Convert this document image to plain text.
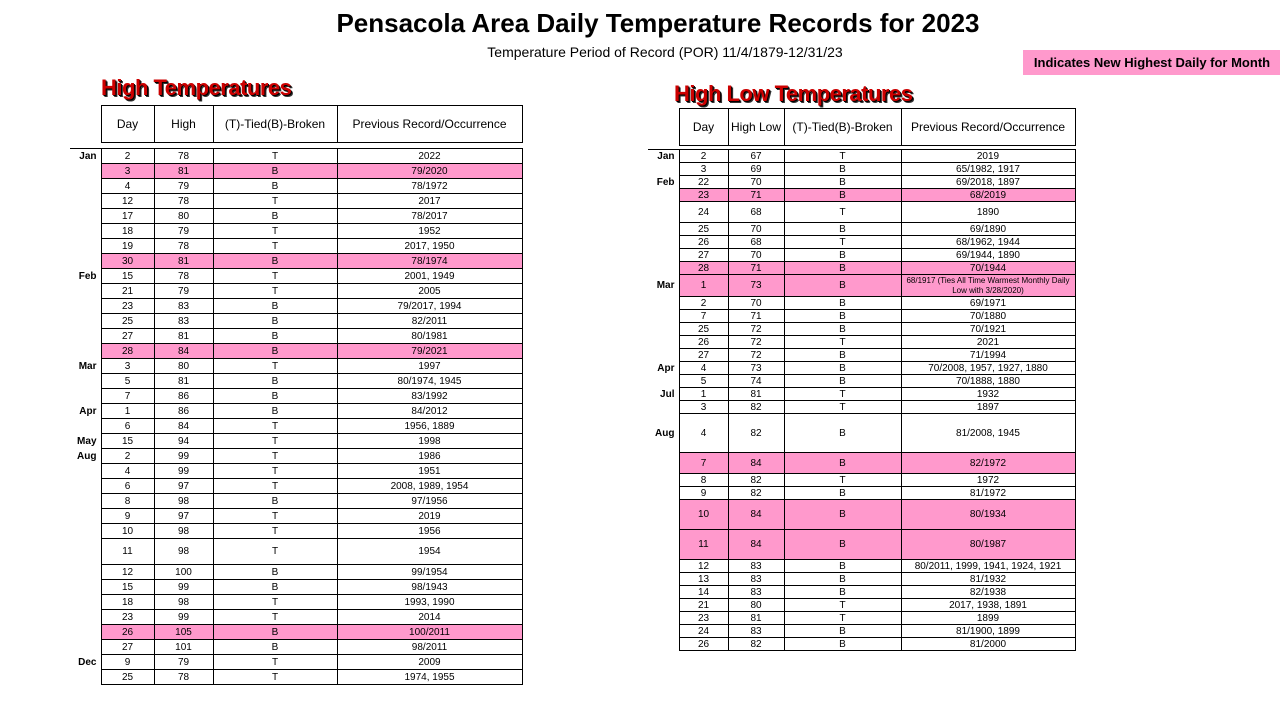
Pensacola Area Daily Temperature Records for 2023
Temperature Period of Record (POR) 11/4/1879-12/31/23
Indicates New Highest Daily for Month
High Temperatures
	Day	High	(T)-Tied(B)-Broken	Previous Record/Occurrence

Jan	2	78	T	2022
	3	81	B	79/2020
	4	79	B	78/1972
	12	78	T	2017
	17	80	B	78/2017
	18	79	T	1952
	19	78	T	2017, 1950
	30	81	B	78/1974
Feb	15	78	T	2001, 1949
	21	79	T	2005
	23	83	B	79/2017, 1994
	25	83	B	82/2011
	27	81	B	80/1981
	28	84	B	79/2021
Mar	3	80	T	1997
	5	81	B	80/1974, 1945
	7	86	B	83/1992
Apr	1	86	B	84/2012
	6	84	T	1956, 1889
May	15	94	T	1998
Aug	2	99	T	1986
	4	99	T	1951
	6	97	T	2008, 1989, 1954
	8	98	B	97/1956
	9	97	T	2019
	10	98	T	1956
	11	98	T	1954
	12	100	B	99/1954
	15	99	B	98/1943
	18	98	T	1993, 1990
	23	99	T	2014
	26	105	B	100/2011
	27	101	B	98/2011
Dec	9	79	T	2009
	25	78	T	1974, 1955
High Low Temperatures
	Day	High Low	(T)-Tied(B)-Broken	Previous Record/Occurrence

Jan	2	67	T	2019
	3	69	B	65/1982, 1917
Feb	22	70	B	69/2018, 1897
	23	71	B	68/2019
	24	68	T	1890
	25	70	B	69/1890
	26	68	T	68/1962, 1944
	27	70	B	69/1944, 1890
	28	71	B	70/1944
Mar	1	73	B	68/1917 (Ties All Time Warmest Monthly Daily Low with 3/28/2020)
	2	70	B	69/1971
	7	71	B	70/1880
	25	72	B	70/1921
	26	72	T	2021
	27	72	B	71/1994
Apr	4	73	B	70/2008, 1957, 1927, 1880
	5	74	B	70/1888, 1880
Jul	1	81	T	1932
	3	82	T	1897
Aug	4	82	B	81/2008, 1945
	7	84	B	82/1972
	8	82	T	1972
	9	82	B	81/1972
	10	84	B	80/1934
	11	84	B	80/1987
	12	83	B	80/2011, 1999, 1941, 1924, 1921
	13	83	B	81/1932
	14	83	B	82/1938
	21	80	T	2017, 1938, 1891
	23	81	T	1899
	24	83	B	81/1900, 1899
	26	82	B	81/2000
